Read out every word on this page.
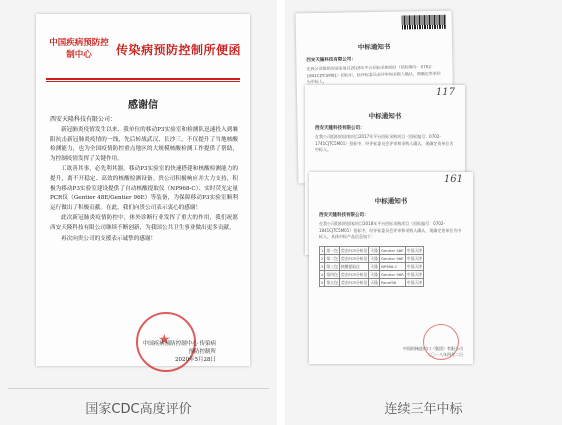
中国疾病预防控制中心	传染病预防控制所便函
感谢信
西安天隆科技有限公司：

新冠肺炎疫情发生以来，我单位的移动P3实验室和检测队迅速投入到襄阳抗击新冠肺炎疫情的一线，先后转战武汉、长沙三，不仅提升了当地核酸检测能力，也为全国疫情防控重点地区的大规模核酸检测工作提供了帮助，为控制疫情发挥了关键作用。

工欲善其事，必先利其器。移动P3实验室的快速搭建和核酸检测能力的提升，离不开稳定、高效的核酸检测设备。贵公司积极响应并大力支持，积极为移动P3实验室建设提供了自动核酸提取仪（NP968-C）、实时荧光定量PCR仪（Gentier 48E/Gentier 96E）等装备，为保障移动P3实验室顺利运行做出了积极贡献。在此，我们向贵公司表示衷心的感谢！

此次新冠肺炎疫情防控中，体外诊断行业发挥了重大的作用，我们祝愿西安天隆科技有限公司继续不断创新，为我国公共卫生事业做出更多贡献。

再次向贵公司的支援表示诚挚的感谢！

★
中国疾病预防控制中心 传染病预防控制所
2020年5月28日
国家CDC高度评价
中标通知书
西安天隆科技有限公司：
在我公司组织的国家项目2018年平台招标采购项目（招标编号：0702-1841CJTC5M01）招标中，经评标委员会评审和采购人确认，现确定贵单位为中标人。
117
中标通知书
西安天隆科技有限公司：
在我公司组织的国家项目2017年平台招标采购项目（招标编号：0702-1741CJTC5M01）招标中，经评标委员会评审和采购人确认，现确定贵单位为中标人。
161
中标通知书
西安天隆科技有限公司：
在我公司组织的国家项目2018年平台招标采购项目（招标编号：0702-1841CJTC5M01）招标中，经评标委员会评审和采购人确认，现确定贵单位为中标人，具体中标产品信息如下：
1	第一包	荧光PCR分析仪	天隆	Gentier 48E	中国天津
2	第二包	荧光PCR分析仪	天隆	Gentier 96E	中国天津
3	第三包	核酸提取仪	天隆	NP968-C	中国天津
4	第四包	荧光PCR分析仪	天隆	Gentier 96R	中国天津
5	第五包	荧光PCR分析仪	天隆	Panel96	中国天津
中国机械进出口（集团）有限公司
二〇一八年四月二日
连续三年中标
